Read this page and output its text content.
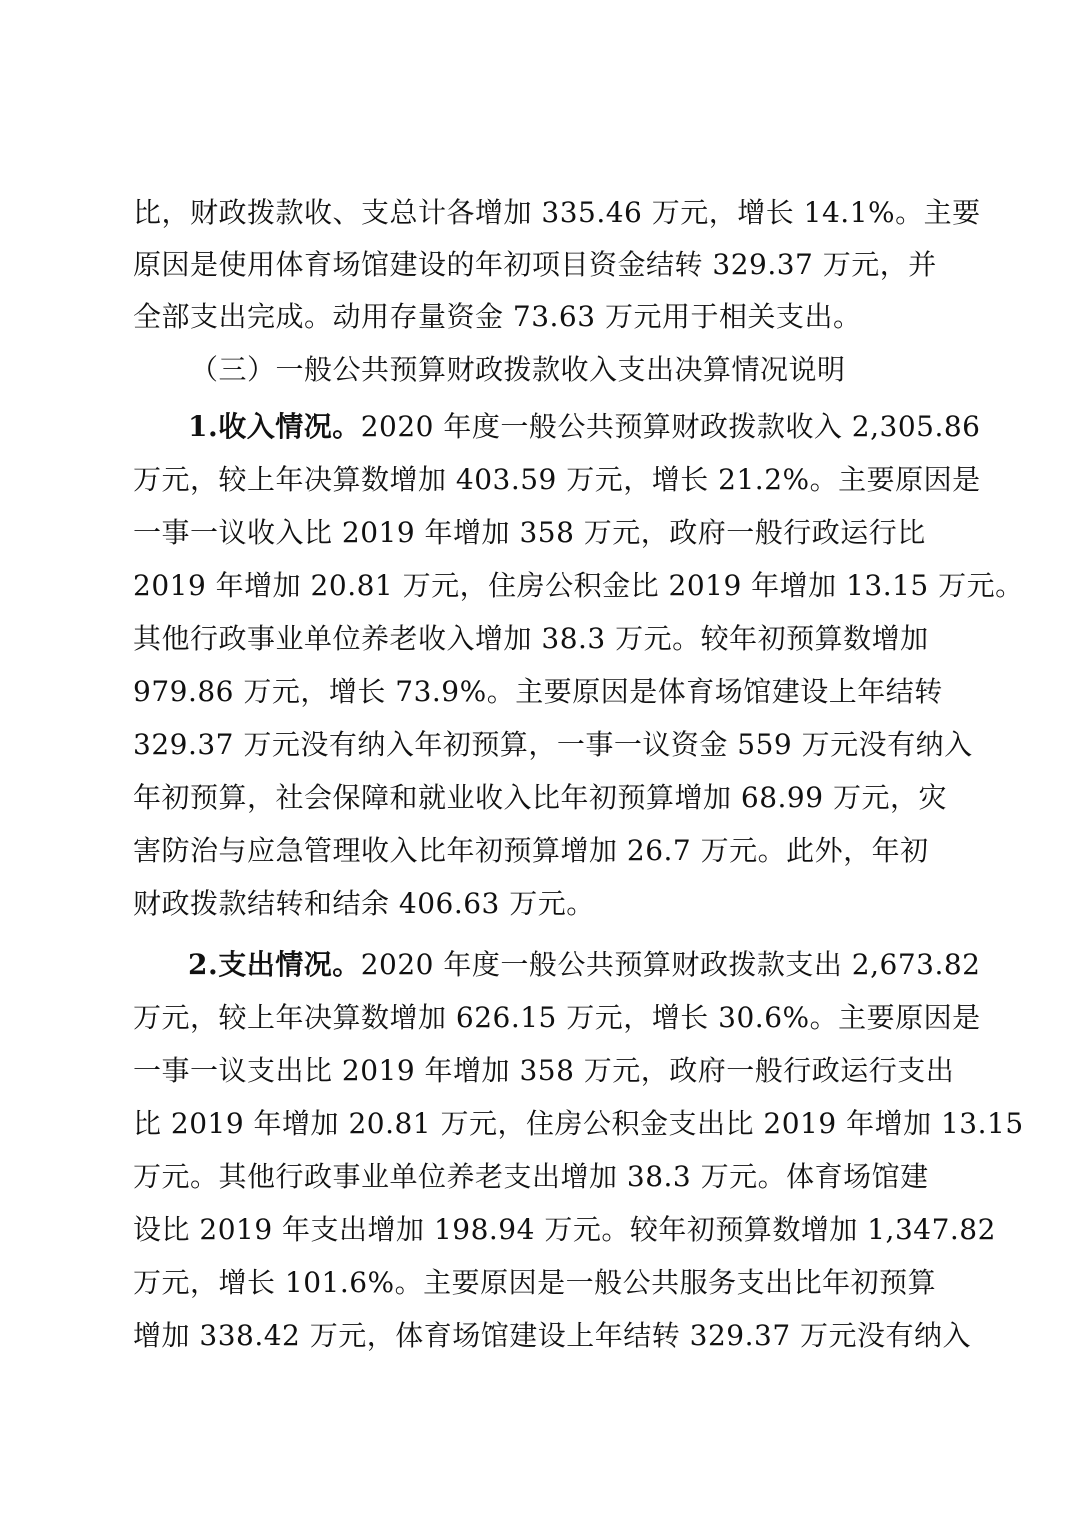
比，财政拨款收、支总计各增加 335.46 万元，增长 14.1%。主要
原因是使用体育场馆建设的年初项目资金结转 329.37 万元，并
全部支出完成。动用存量资金 73.63 万元用于相关支出。
（三）一般公共预算财政拨款收入支出决算情况说明
1.收入情况。2020 年度一般公共预算财政拨款收入 2,305.86
万元，较上年决算数增加 403.59 万元，增长 21.2%。主要原因是
一事一议收入比 2019 年增加 358 万元，政府一般行政运行比
2019 年增加 20.81 万元，住房公积金比 2019 年增加 13.15 万元。
其他行政事业单位养老收入增加 38.3 万元。较年初预算数增加
979.86 万元，增长 73.9%。主要原因是体育场馆建设上年结转
329.37 万元没有纳入年初预算，一事一议资金 559 万元没有纳入
年初预算，社会保障和就业收入比年初预算增加 68.99 万元，灾
害防治与应急管理收入比年初预算增加 26.7 万元。此外，年初
财政拨款结转和结余 406.63 万元。
2.支出情况。2020 年度一般公共预算财政拨款支出 2,673.82
万元，较上年决算数增加 626.15 万元，增长 30.6%。主要原因是
一事一议支出比 2019 年增加 358 万元，政府一般行政运行支出
比 2019 年增加 20.81 万元，住房公积金支出比 2019 年增加 13.15
万元。其他行政事业单位养老支出增加 38.3 万元。体育场馆建
设比 2019 年支出增加 198.94 万元。较年初预算数增加 1,347.82
万元，增长 101.6%。主要原因是一般公共服务支出比年初预算
增加 338.42 万元，体育场馆建设上年结转 329.37 万元没有纳入
